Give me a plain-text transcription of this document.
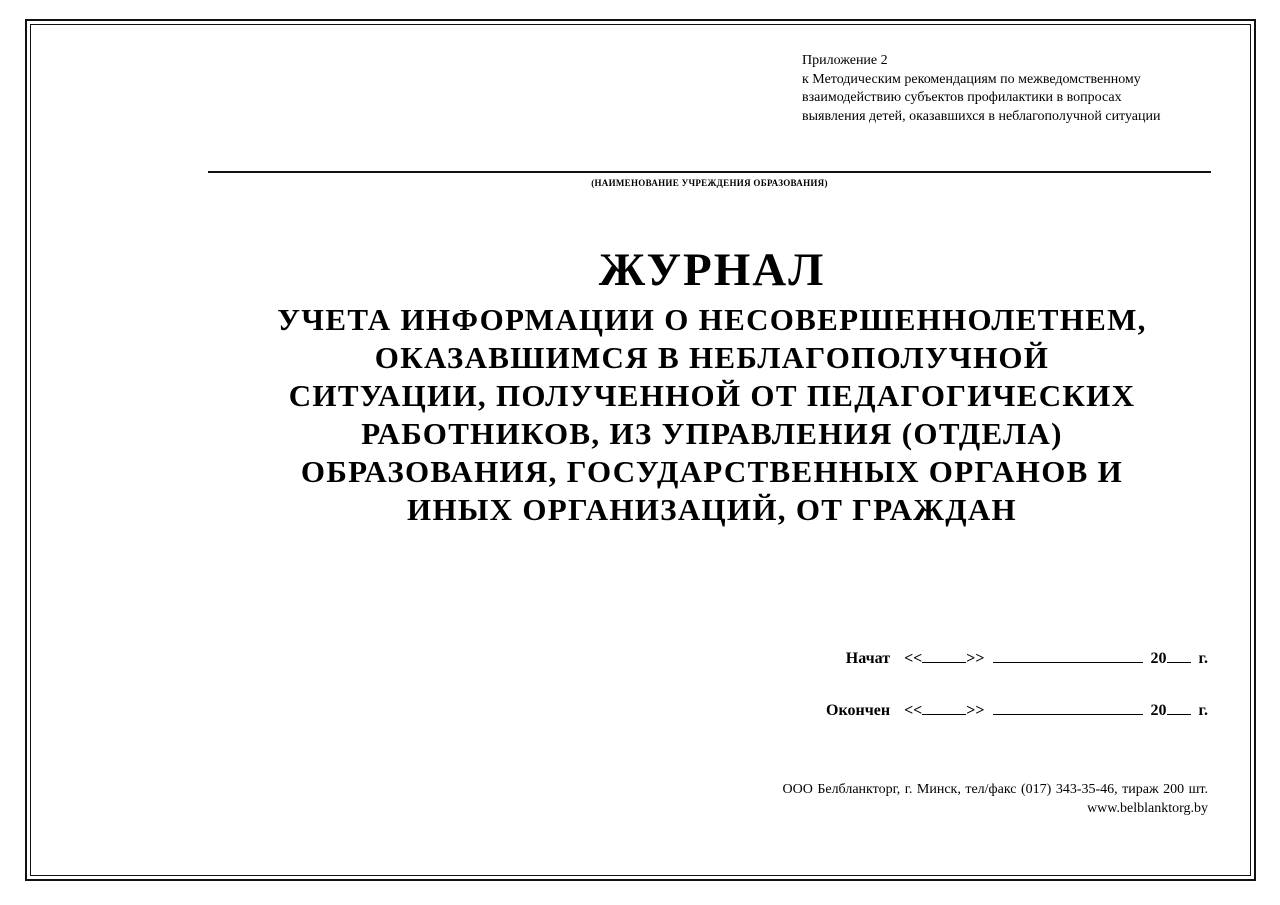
Приложение 2
к Методическим рекомендациям по межведомственному
взаимодействию субъектов профилактики в вопросах
выявления детей, оказавшихся в неблагополучной ситуации
(НАИМЕНОВАНИЕ УЧРЕЖДЕНИЯ ОБРАЗОВАНИЯ)
ЖУРНАЛ
УЧЕТА ИНФОРМАЦИИ О НЕСОВЕРШЕННОЛЕТНЕМ,
ОКАЗАВШИМСЯ В НЕБЛАГОПОЛУЧНОЙ
СИТУАЦИИ, ПОЛУЧЕННОЙ ОТ ПЕДАГОГИЧЕСКИХ
РАБОТНИКОВ, ИЗ УПРАВЛЕНИЯ (ОТДЕЛА)
ОБРАЗОВАНИЯ, ГОСУДАРСТВЕННЫХ ОРГАНОВ И
ИНЫХ ОРГАНИЗАЦИЙ, ОТ ГРАЖДАН
Начат <<	>>	20 г.
Окончен <<	>>	20 г.
ООО Белбланкторг, г. Минск, тел/факс (017) 343-35-46, тираж 200 шт.
www.belblanktorg.by
